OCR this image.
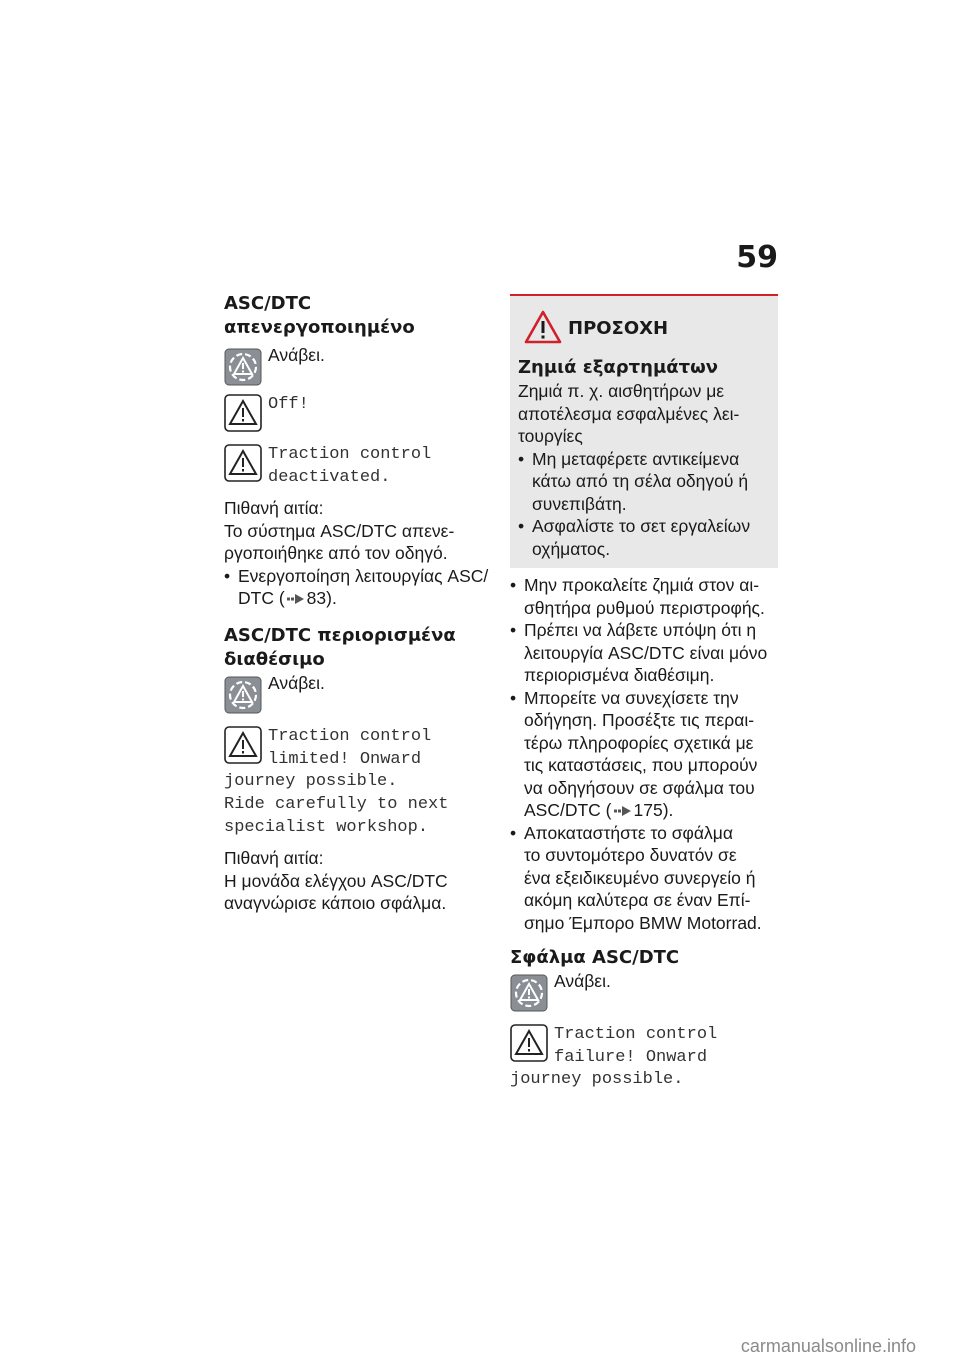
59
ASC/DTC απενεργοποιημένο

Ανάβει.

Off!
Traction control
deactivated.

Πιθανή αιτία:

Το σύστημα ASC/DTC απενε-

ργοποιήθηκε από τον οδηγό.

• Ενεργοποίηση λειτουργίας ASC/
DTC ( 83).
ASC/DTC περιορισμένα
διαθέσιμο

Ανάβει.

Traction control
limited! Onward
journey possible.
Ride carefully to next
specialist workshop.

Πιθανή αιτία:

Η μονάδα ελέγχου ASC/DTC

αναγνώρισε κάποιο σφάλμα.

ΠΡΟΣΟΧΗ
Ζημιά εξαρτημάτων

Ζημιά π. χ. αισθητήρων με

αποτέλεσμα εσφαλμένες λει-

τουργίες

• Μη μεταφέρετε αντικείμενα
κάτω από τη σέλα οδηγού ή
συνεπιβάτη.
• Ασφαλίστε το σετ εργαλείων
οχήματος.
• Μην προκαλείτε ζημιά στον αι-
σθητήρα ρυθμού περιστροφής.
• Πρέπει να λάβετε υπόψη ότι η
λειτουργία ASC/DTC είναι μόνο
περιορισμένα διαθέσιμη.
• Μπορείτε να συνεχίσετε την
οδήγηση. Προσέξτε τις περαι-
τέρω πληροφορίες σχετικά με
τις καταστάσεις, που μπορούν
να οδηγήσουν σε σφάλμα του
ASC/DTC ( 175).
• Αποκαταστήστε το σφάλμα
το συντομότερο δυνατόν σε
ένα εξειδικευμένο συνεργείο ή
ακόμη καλύτερα σε έναν Επί-
σημο Έμπορο BMW Motorrad.
Σφάλμα ASC/DTC

Ανάβει.

Traction control
failure! Onward
journey possible.
carmanualsonline.info
